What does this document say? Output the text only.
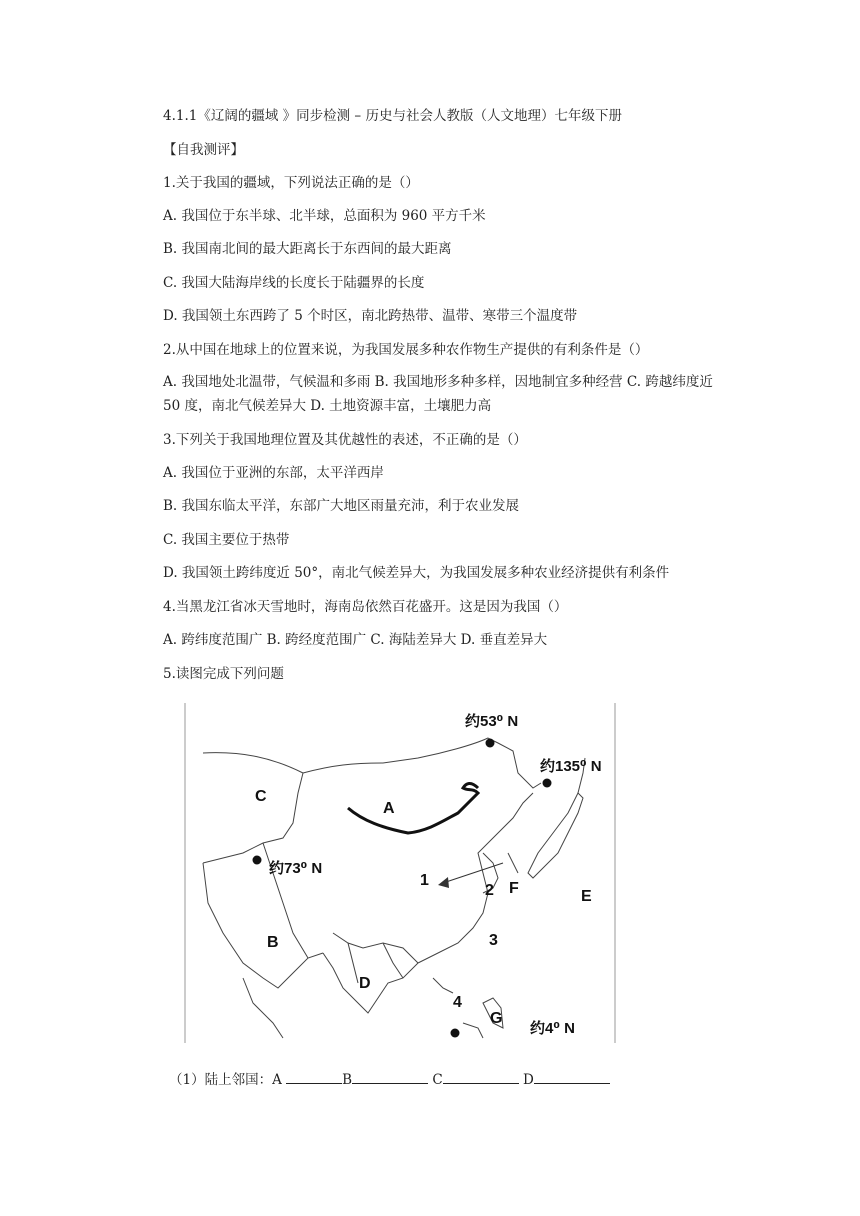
4.1.1《辽阔的疆域 》同步检测 – 历史与社会人教版（人文地理）七年级下册
【自我测评】
1.关于我国的疆域，下列说法正确的是（）
A. 我国位于东半球、北半球，总面积为 960 平方千米
B. 我国南北间的最大距离长于东西间的最大距离
C. 我国大陆海岸线的长度长于陆疆界的长度
D. 我国领土东西跨了 5 个时区，南北跨热带、温带、寒带三个温度带
2.从中国在地球上的位置来说，为我国发展多种农作物生产提供的有利条件是（）
A. 我国地处北温带，气候温和多雨 B. 我国地形多种多样，因地制宜多种经营 C. 跨越纬度近 50 度，南北气候差异大 D. 土地资源丰富，土壤肥力高
3.下列关于我国地理位置及其优越性的表述，不正确的是（）
A. 我国位于亚洲的东部，太平洋西岸
B. 我国东临太平洋，东部广大地区雨量充沛，利于农业发展
C. 我国主要位于热带
D. 我国领土跨纬度近 50°，南北气候差异大，为我国发展多种农业经济提供有利条件
4.当黑龙江省冰天雪地时，海南岛依然百花盛开。这是因为我国（）
A. 跨纬度范围广 B. 跨经度范围广 C. 海陆差异大 D. 垂直差异大
5.读图完成下列问题
约53⁰ N
约135⁰ N
约73⁰ N
约4⁰ N
A
B
C
D
E
F
G
1
2
3
4
（1）陆上邻国：A	B	C	D
